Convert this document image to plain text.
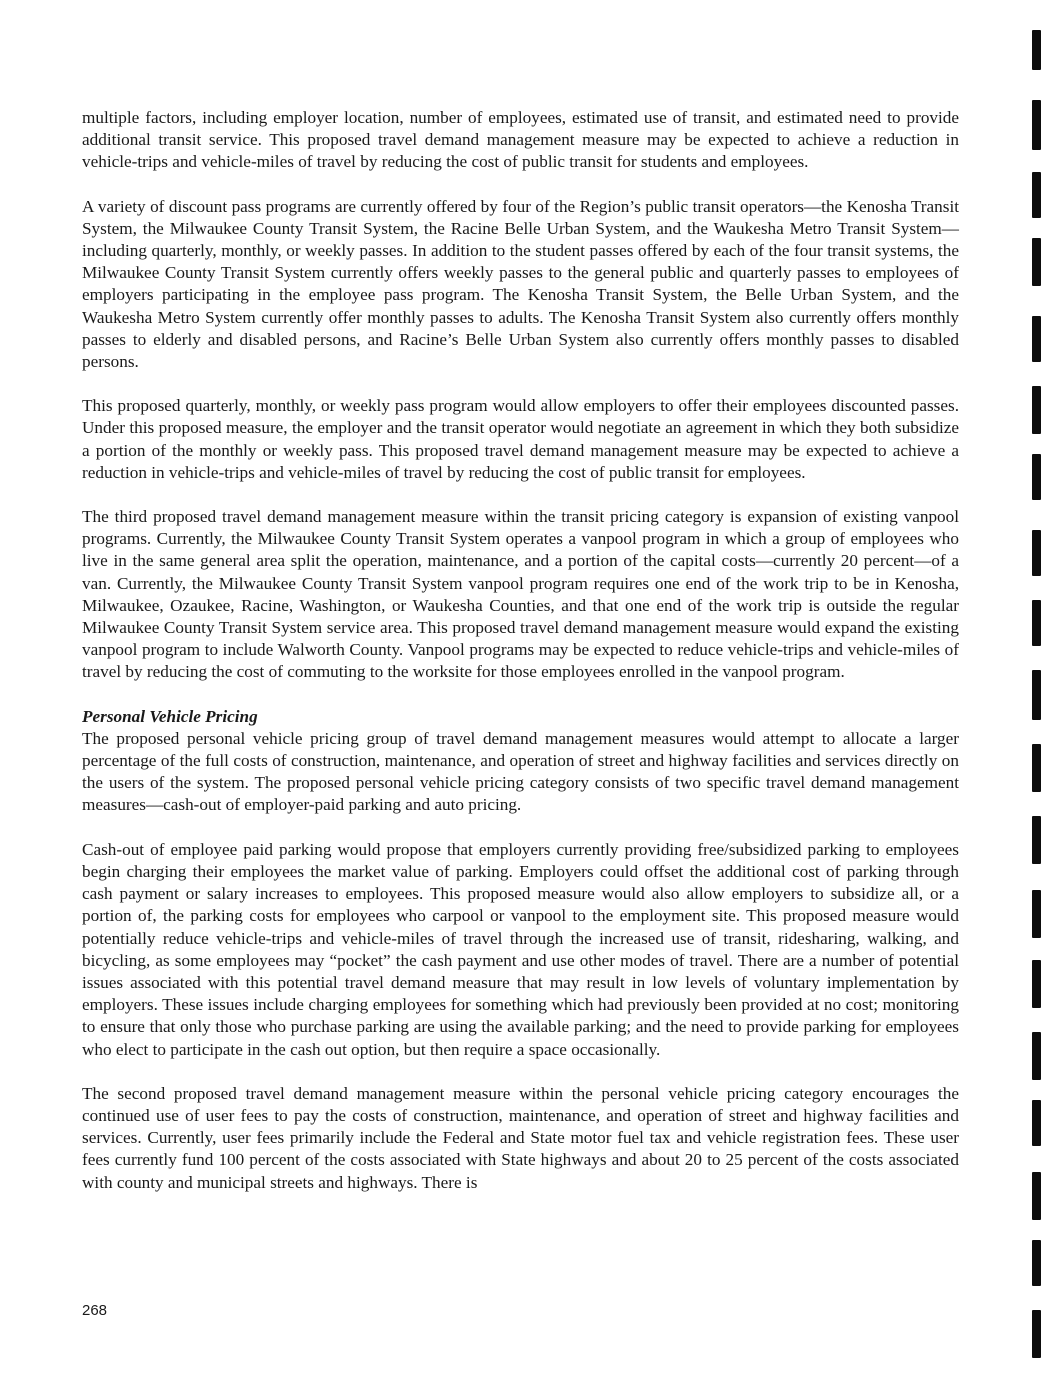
multiple factors, including employer location, number of employees, estimated use of transit, and estimated need to provide additional transit service. This proposed travel demand management measure may be expected to achieve a reduction in vehicle-trips and vehicle-miles of travel by reducing the cost of public transit for students and employees.

A variety of discount pass programs are currently offered by four of the Region’s public transit operators—the Kenosha Transit System, the Milwaukee County Transit System, the Racine Belle Urban System, and the Waukesha Metro Transit System—including quarterly, monthly, or weekly passes. In addition to the student passes offered by each of the four transit systems, the Milwaukee County Transit System currently offers weekly passes to the general public and quarterly passes to employees of employers participating in the employee pass program. The Kenosha Transit System, the Belle Urban System, and the Waukesha Metro System currently offer monthly passes to adults. The Kenosha Transit System also currently offers monthly passes to elderly and disabled persons, and Racine’s Belle Urban System also currently offers monthly passes to disabled persons.

This proposed quarterly, monthly, or weekly pass program would allow employers to offer their employees discounted passes. Under this proposed measure, the employer and the transit operator would negotiate an agreement in which they both subsidize a portion of the monthly or weekly pass. This proposed travel demand management measure may be expected to achieve a reduction in vehicle-trips and vehicle-miles of travel by reducing the cost of public transit for employees.

The third proposed travel demand management measure within the transit pricing category is expansion of existing vanpool programs. Currently, the Milwaukee County Transit System operates a vanpool program in which a group of employees who live in the same general area split the operation, maintenance, and a portion of the capital costs—currently 20 percent—of a van. Currently, the Milwaukee County Transit System vanpool program requires one end of the work trip to be in Kenosha, Milwaukee, Ozaukee, Racine, Washington, or Waukesha Counties, and that one end of the work trip is outside the regular Milwaukee County Transit System service area. This proposed travel demand management measure would expand the existing vanpool program to include Walworth County. Vanpool programs may be expected to reduce vehicle-trips and vehicle-miles of travel by reducing the cost of commuting to the worksite for those employees enrolled in the vanpool program.

Personal Vehicle Pricing

The proposed personal vehicle pricing group of travel demand management measures would attempt to allocate a larger percentage of the full costs of construction, maintenance, and operation of street and highway facilities and services directly on the users of the system. The proposed personal vehicle pricing category consists of two specific travel demand management measures—cash-out of employer-paid parking and auto pricing.

Cash-out of employee paid parking would propose that employers currently providing free/subsidized parking to employees begin charging their employees the market value of parking. Employers could offset the additional cost of parking through cash payment or salary increases to employees. This proposed measure would also allow employers to subsidize all, or a portion of, the parking costs for employees who carpool or vanpool to the employment site. This proposed measure would potentially reduce vehicle-trips and vehicle-miles of travel through the increased use of transit, ridesharing, walking, and bicycling, as some employees may “pocket” the cash payment and use other modes of travel. There are a number of potential issues associated with this potential travel demand measure that may result in low levels of voluntary implementation by employers. These issues include charging employees for something which had previously been provided at no cost; monitoring to ensure that only those who purchase parking are using the available parking; and the need to provide parking for employees who elect to participate in the cash out option, but then require a space occasionally.

The second proposed travel demand management measure within the personal vehicle pricing category encourages the continued use of user fees to pay the costs of construction, maintenance, and operation of street and highway facilities and services. Currently, user fees primarily include the Federal and State motor fuel tax and vehicle registration fees. These user fees currently fund 100 percent of the costs associated with State highways and about 20 to 25 percent of the costs associated with county and municipal streets and highways. There is

268
